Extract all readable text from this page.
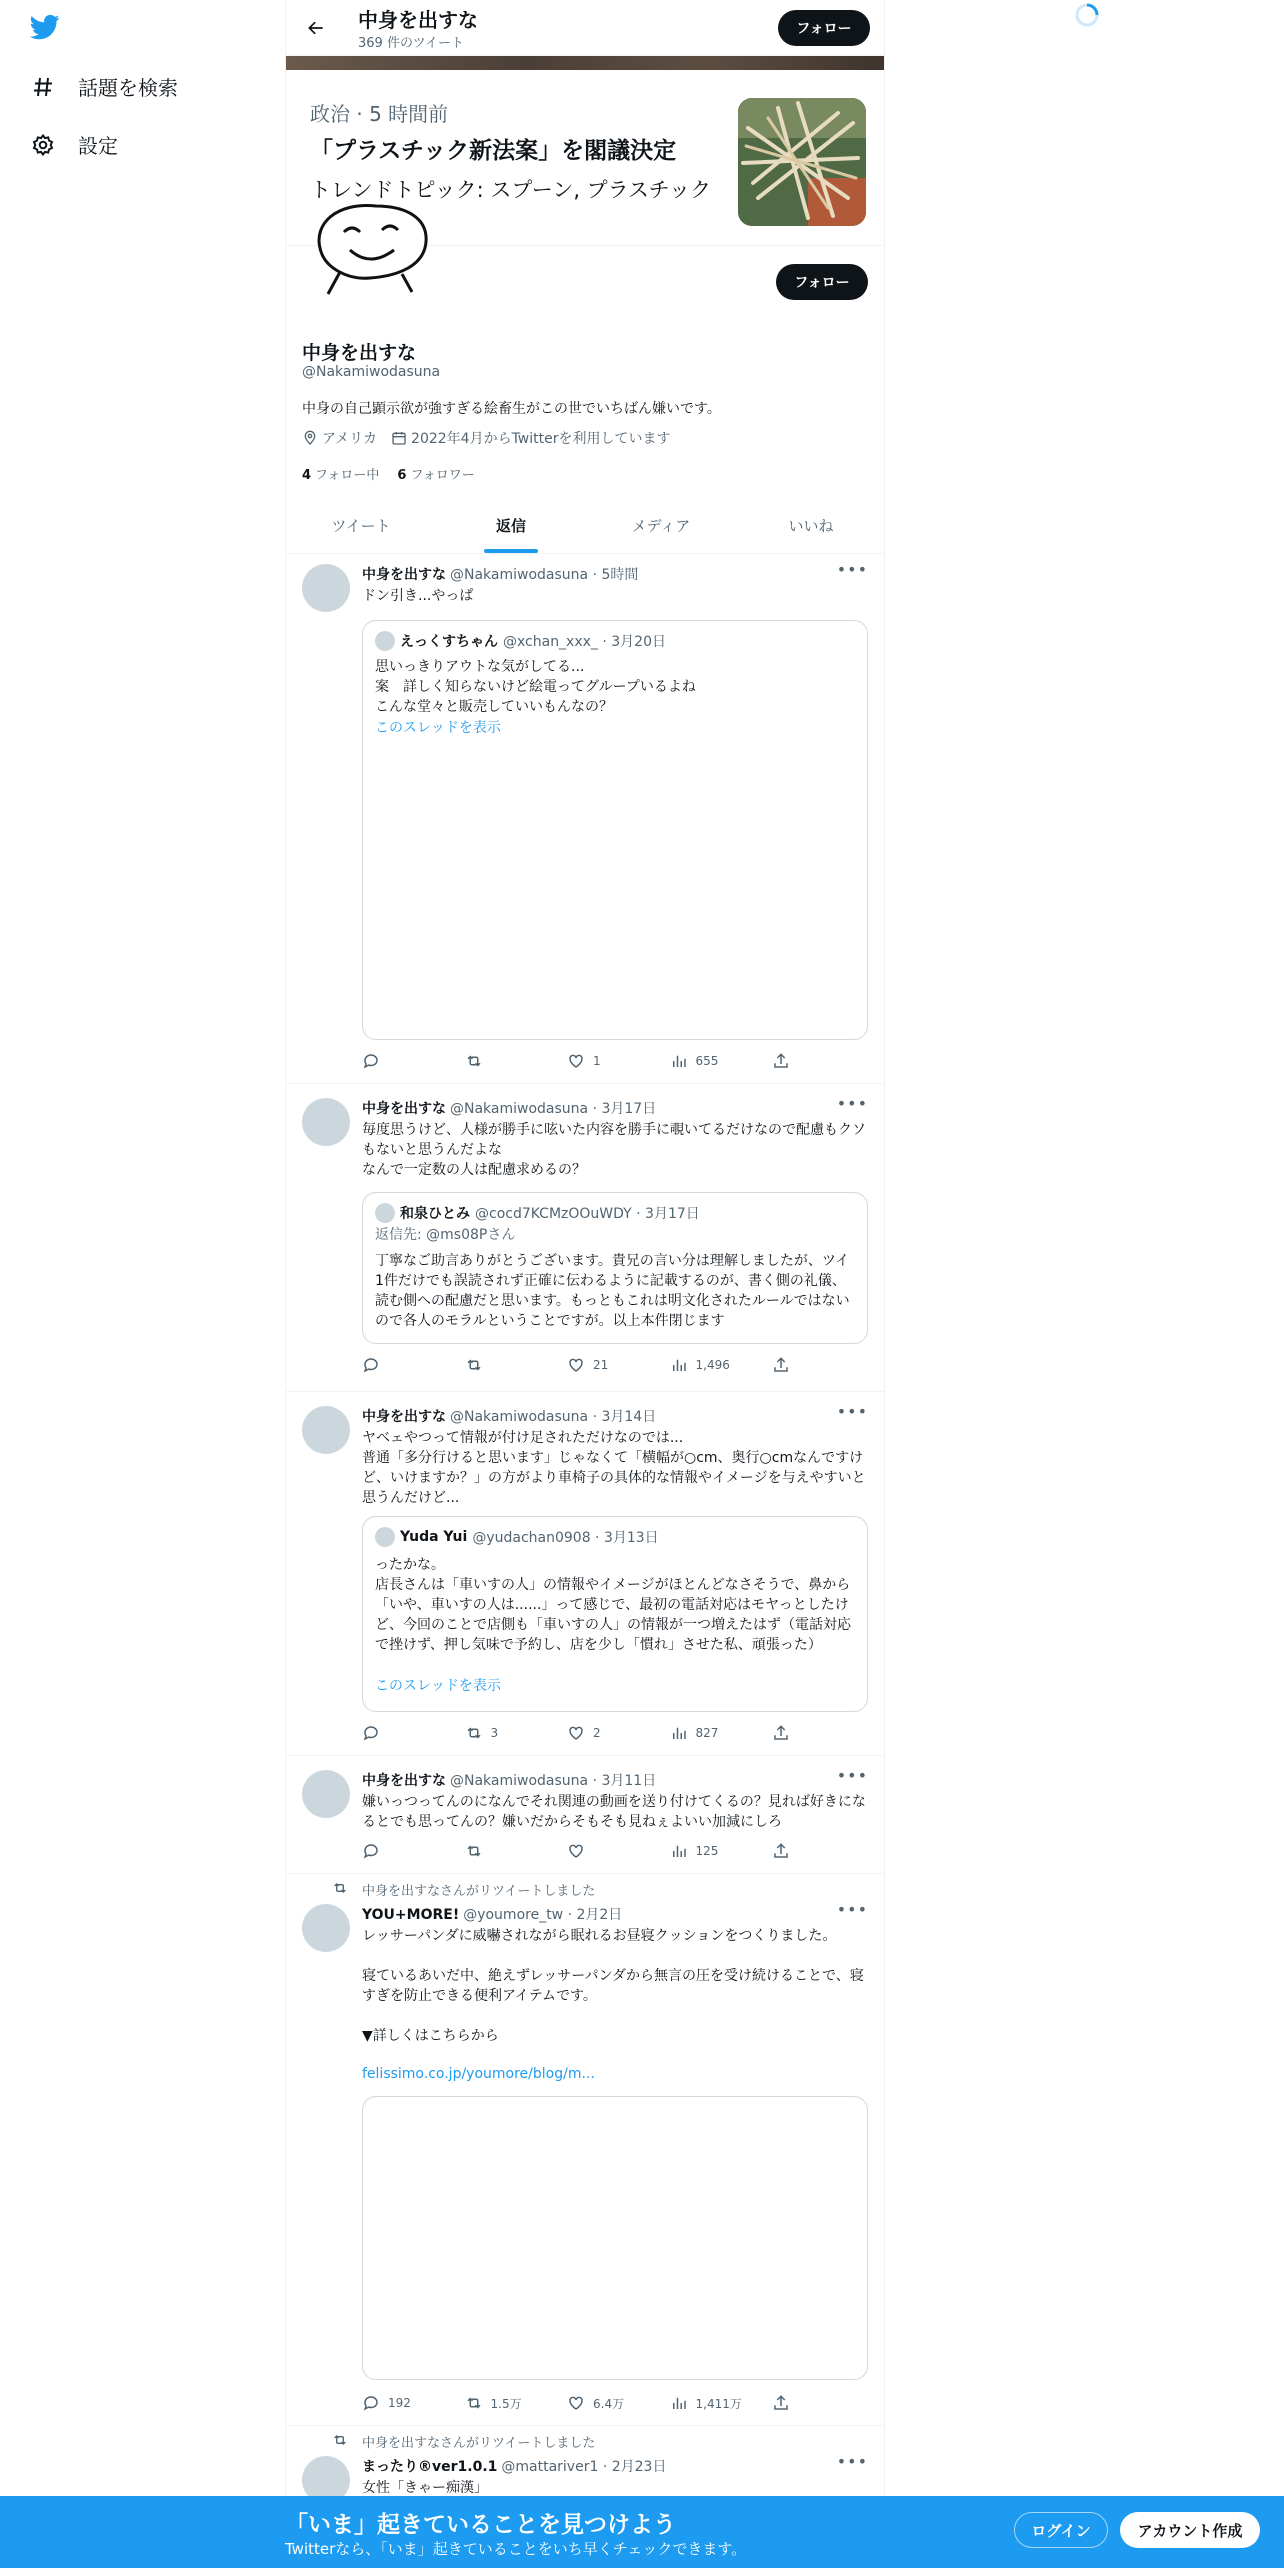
話題を検索
設定
中身を出すな
369 件のツイート
フォロー
政治 · 5 時間前
「プラスチック新法案」を閣議決定
トレンドトピック: スプーン, プラスチック
フォロー
中身を出すな
@Nakamiwodasuna
中身の自己顕示欲が強すぎる絵畜生がこの世でいちばん嫌いです。
アメリカ 2022年4月からTwitterを利用しています
4 フォロー中 6 フォロワー
ツイート	返信	メディア	いいね
中身を出すな @Nakamiwodasuna · 5時間	•••
ドン引き...やっぱ
えっくすちゃん @xchan_xxx_ · 3月20日
思いっきりアウトな気がしてる...
案　詳しく知らないけど絵電ってグループいるよね
こんな堂々と販売していいもんなの？
このスレッドを表示
1	655
中身を出すな @Nakamiwodasuna · 3月17日	•••
毎度思うけど、人様が勝手に呟いた内容を勝手に覗いてるだけなので配慮もクソもないと思うんだよな
なんで一定数の人は配慮求めるの？
和泉ひとみ @cocd7KCMzOOuWDY · 3月17日
返信先: @ms08Pさん
丁寧なご助言ありがとうございます。貴兄の言い分は理解しましたが、ツイ1件だけでも誤読されず正確に伝わるように記載するのが、書く側の礼儀、読む側への配慮だと思います。もっともこれは明文化されたルールではないので各人のモラルということですが。以上本件閉じます
21	1,496
中身を出すな @Nakamiwodasuna · 3月14日	•••
ヤベェやつって情報が付け足されただけなのでは...
普通「多分行けると思います」じゃなくて「横幅が○cm、奥行○cmなんですけど、いけますか？」の方がより車椅子の具体的な情報やイメージを与えやすいと思うんだけど...
Yuda Yui @yudachan0908 · 3月13日
ったかな。
店長さんは「車いすの人」の情報やイメージがほとんどなさそうで、鼻から「いや、車いすの人は......」って感じで、最初の電話対応はモヤっとしたけど、今回のことで店側も「車いすの人」の情報が一つ増えたはず（電話対応で挫けず、押し気味で予約し、店を少し「慣れ」させた私、頑張った）
このスレッドを表示
3	2	827
中身を出すな @Nakamiwodasuna · 3月11日	•••
嫌いっつってんのになんでそれ関連の動画を送り付けてくるの？見れば好きになるとでも思ってんの？嫌いだからそもそも見ねぇよいい加減にしろ
125
中身を出すなさんがリツイートしました
YOU+MORE! @youmore_tw · 2月2日	•••
レッサーパンダに威嚇されながら眠れるお昼寝クッションをつくりました。

寝ているあいだ中、絶えずレッサーパンダから無言の圧を受け続けることで、寝すぎを防止できる便利アイテムです。

▼詳しくはこちらから
felissimo.co.jp/youmore/blog/m...
192	1.5万	6.4万	1,411万
中身を出すなさんがリツイートしました
まったり®ver1.0.1 @mattariver1 · 2月23日	•••
女性「きゃー痴漢」
「いま」起きていることを見つけよう
Twitterなら、「いま」起きていることをいち早くチェックできます。
ログイン	アカウント作成
